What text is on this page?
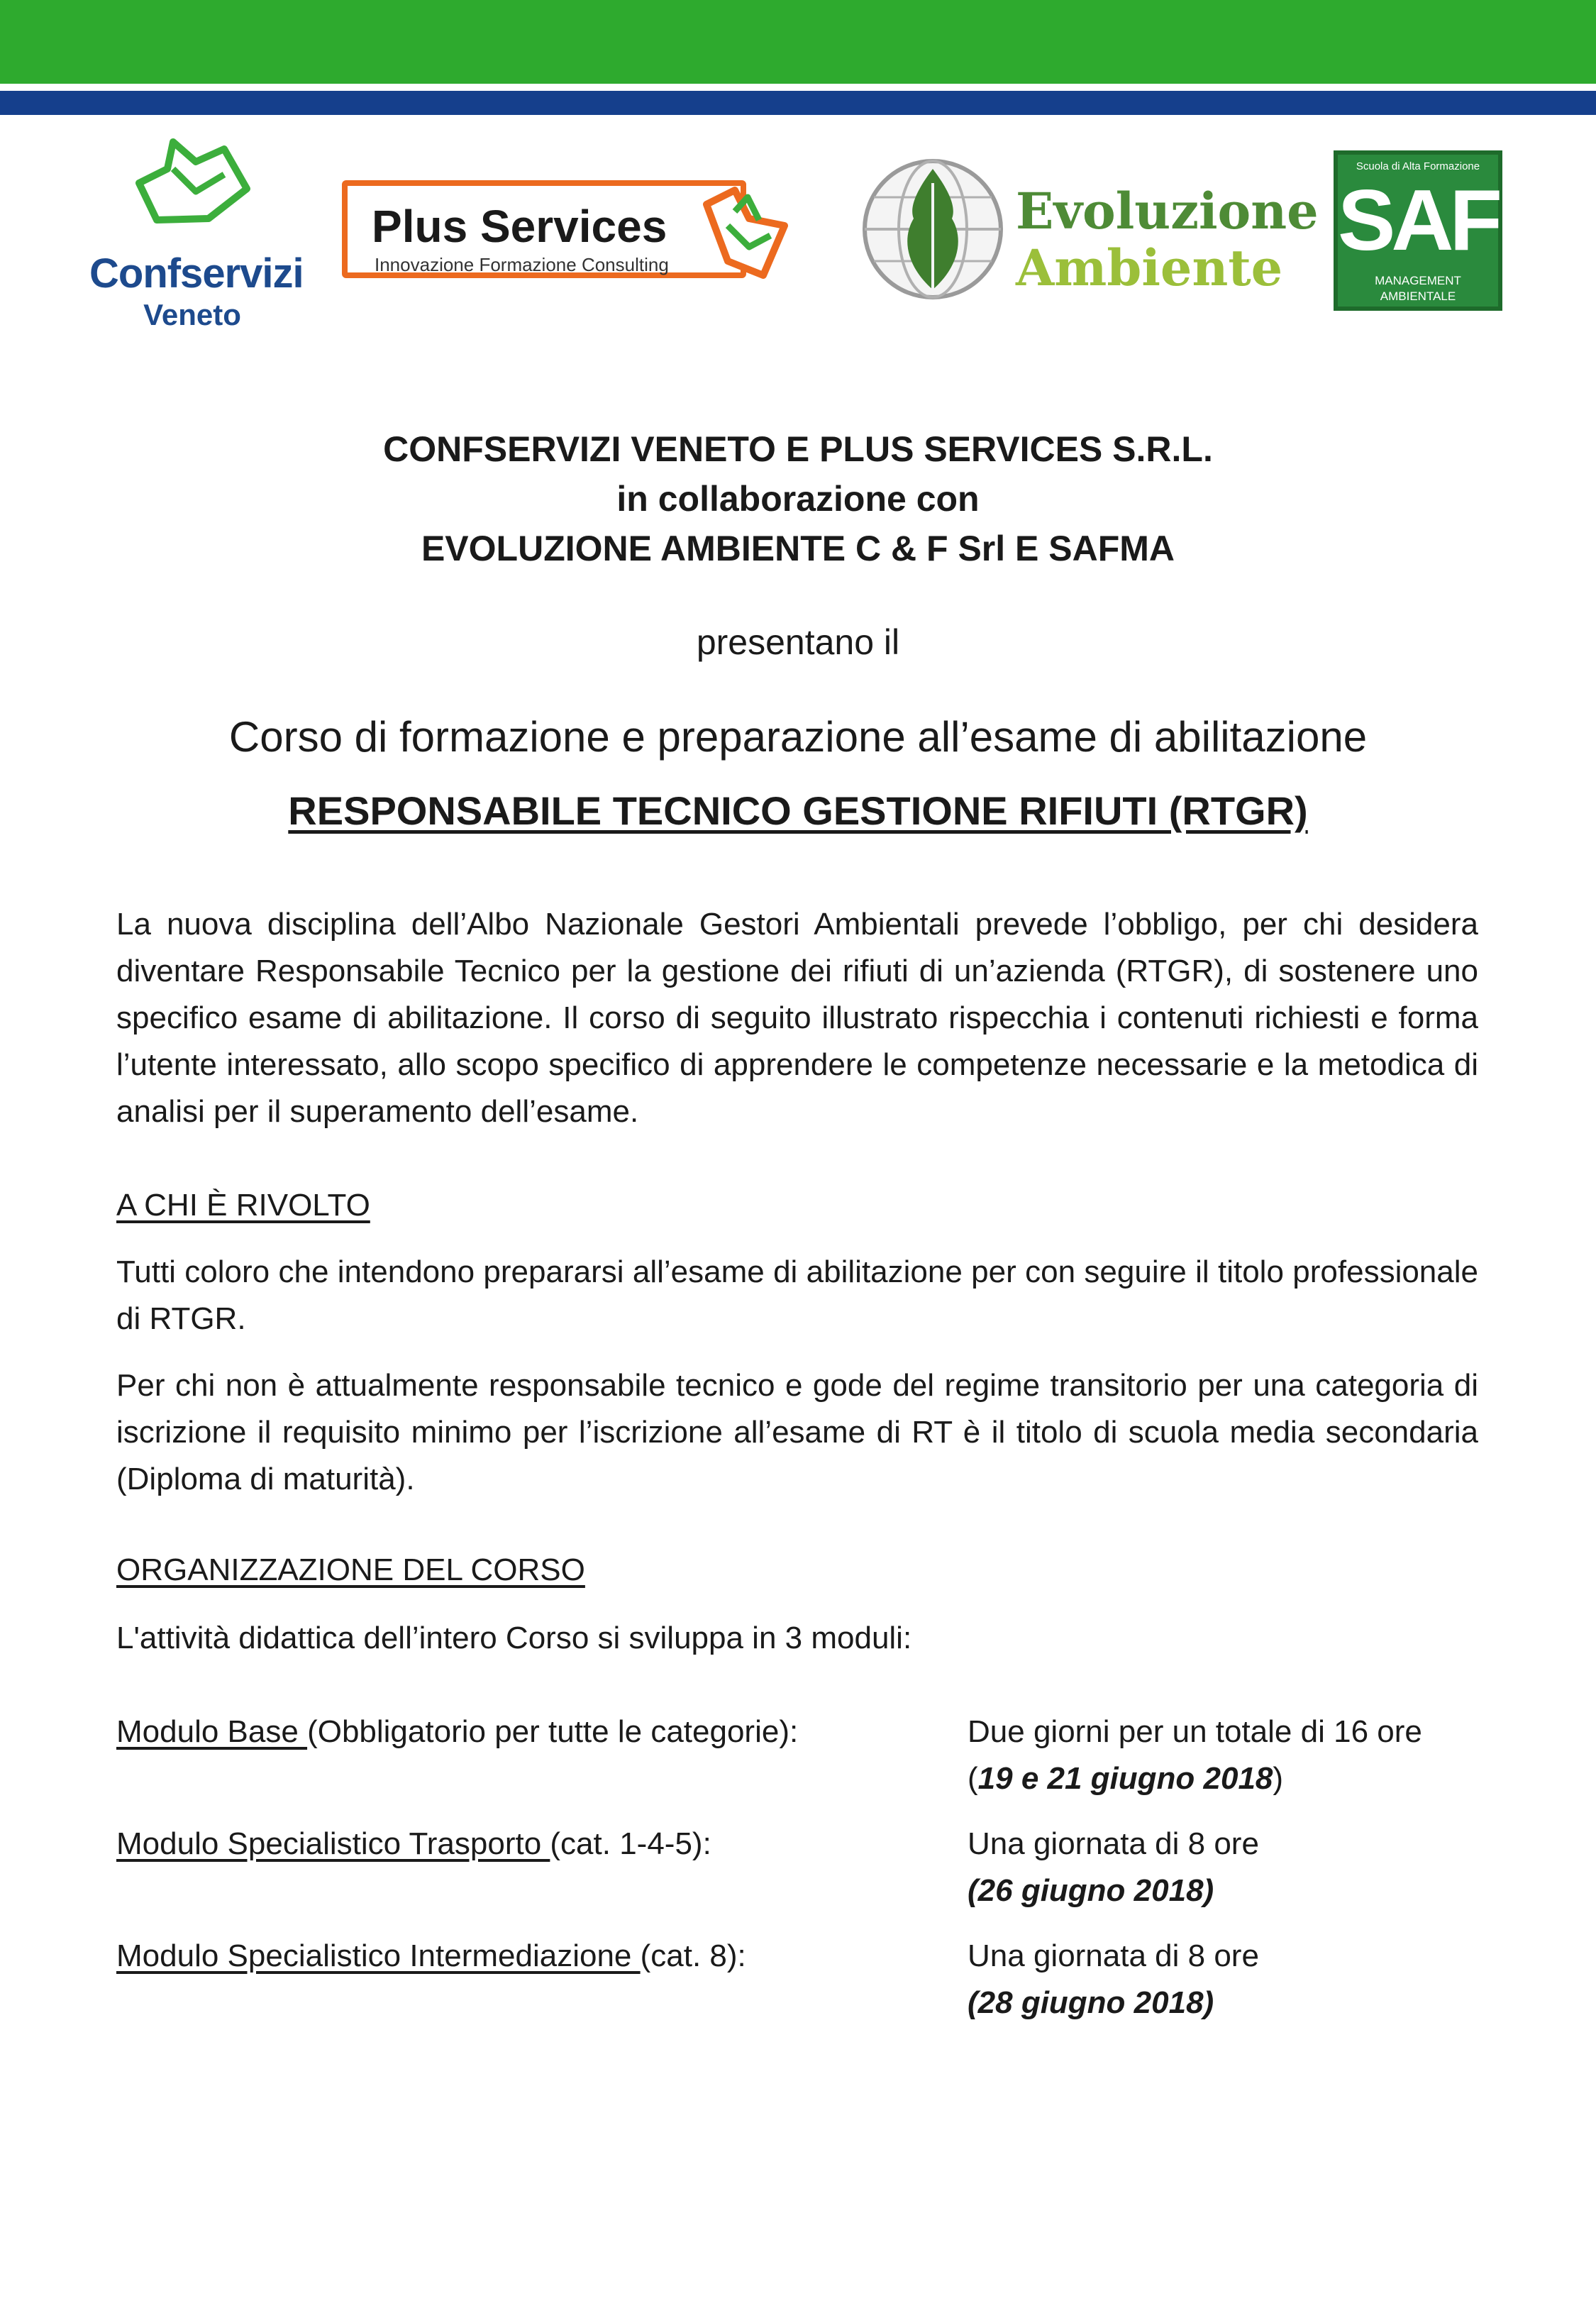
Confservizi
Veneto
Plus Services
Innovazione Formazione Consulting
Evoluzione
Ambiente
Scuola di Alta Formazione
SAF
MANAGEMENT
AMBIENTALE
CONFSERVIZI VENETO E PLUS SERVICES S.R.L.
in collaborazione con
EVOLUZIONE AMBIENTE C & F Srl E SAFMA
presentano il
Corso di formazione e preparazione all’esame di abilitazione
RESPONSABILE TECNICO GESTIONE RIFIUTI (RTGR)
La nuova disciplina dell’Albo Nazionale Gestori Ambientali prevede l’obbligo, per chi desidera diventare Responsabile Tecnico per la gestione dei rifiuti di un’azienda (RTGR), di sostenere uno specifico esame di abilitazione. Il corso di seguito illustrato rispecchia i contenuti richiesti e forma l’utente interessato, allo scopo specifico di apprendere le competenze necessarie e la metodica di analisi per il superamento dell’esame.
A CHI È RIVOLTO
Tutti coloro che intendono prepararsi all’esame di abilitazione per con seguire il titolo professionale di RTGR.
Per chi non è attualmente responsabile tecnico e gode del regime transitorio per una categoria di iscrizione il requisito minimo per l’iscrizione all’esame di RT è il titolo di scuola media secondaria (Diploma di maturità).
ORGANIZZAZIONE DEL CORSO
L'attività didattica dell’intero Corso si sviluppa in 3 moduli:
Modulo Base (Obbligatorio per tutte le categorie):	Due giorni per un totale di 16 ore
(19 e 21 giugno 2018)
Modulo Specialistico Trasporto (cat. 1-4-5):	Una giornata di 8 ore
(26 giugno 2018)
Modulo Specialistico Intermediazione (cat. 8):	Una giornata di 8 ore
(28 giugno 2018)
